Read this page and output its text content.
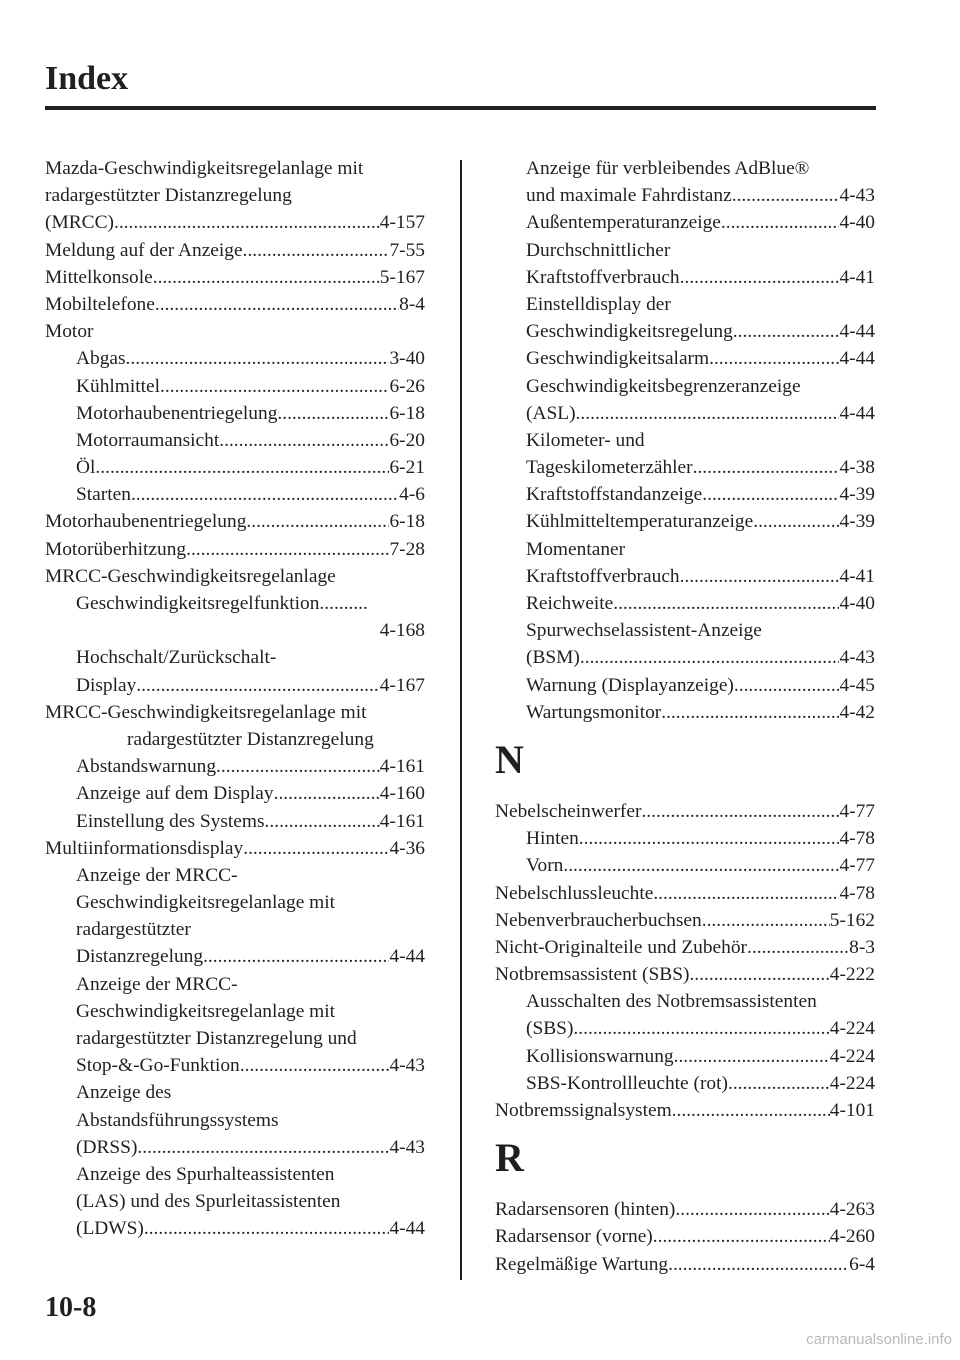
Index
Mazda-Geschwindigkeitsregelanlage mit
radargestützter Distanzregelung
(MRCC) .....	4-157
Meldung auf der Anzeige .....	7-55
Mittelkonsole .....	5-167
Mobiltelefone .....	8-4
Motor
Abgas .....	3-40
Kühlmittel .....	6-26
Motorhaubenentriegelung .....	6-18
Motorraumansicht .....	6-20
Öl .....	6-21
Starten .....	4-6
Motorhaubenentriegelung .....	6-18
Motorüberhitzung .....	7-28
MRCC-Geschwindigkeitsregelanlage
Geschwindigkeitsregelfunktion..........
4-168
Hochschalt/Zurückschalt-
Display .....	4-167
MRCC-Geschwindigkeitsregelanlage mit
radargestützter Distanzregelung
Abstandswarnung .....	4-161
Anzeige auf dem Display .....	4-160
Einstellung des Systems .....	4-161
Multiinformationsdisplay .....	4-36
Anzeige der MRCC-
Geschwindigkeitsregelanlage mit
radargestützter
Distanzregelung .....	4-44
Anzeige der MRCC-
Geschwindigkeitsregelanlage mit
radargestützter Distanzregelung und
Stop-&-Go-Funktion .....	4-43
Anzeige des
Abstandsführungssystems
(DRSS) .....	4-43
Anzeige des Spurhalteassistenten
(LAS) und des Spurleitassistenten
(LDWS) .....	4-44
Anzeige für verbleibendes AdBlue®
und maximale Fahrdistanz .....	4-43
Außentemperaturanzeige .....	4-40
Durchschnittlicher
Kraftstoffverbrauch .....	4-41
Einstelldisplay der
Geschwindigkeitsregelung .....	4-44
Geschwindigkeitsalarm .....	4-44
Geschwindigkeitsbegrenzeranzeige
(ASL) .....	4-44
Kilometer- und
Tageskilometerzähler .....	4-38
Kraftstoffstandanzeige .....	4-39
Kühlmitteltemperaturanzeige .....	4-39
Momentaner
Kraftstoffverbrauch .....	4-41
Reichweite .....	4-40
Spurwechselassistent-Anzeige
(BSM) .....	4-43
Warnung (Displayanzeige) .....	4-45
Wartungsmonitor .....	4-42
N
Nebelscheinwerfer .....	4-77
Hinten .....	4-78
Vorn .....	4-77
Nebelschlussleuchte .....	4-78
Nebenverbraucherbuchsen .....	5-162
Nicht-Originalteile und Zubehör .....	8-3
Notbremsassistent (SBS) .....	4-222
Ausschalten des Notbremsassistenten
(SBS) .....	4-224
Kollisionswarnung .....	4-224
SBS-Kontrollleuchte (rot) .....	4-224
Notbremssignalsystem .....	4-101
R
Radarsensoren (hinten) .....	4-263
Radarsensor (vorne) .....	4-260
Regelmäßige Wartung .....	6-4
10-8
carmanualsonline.info
